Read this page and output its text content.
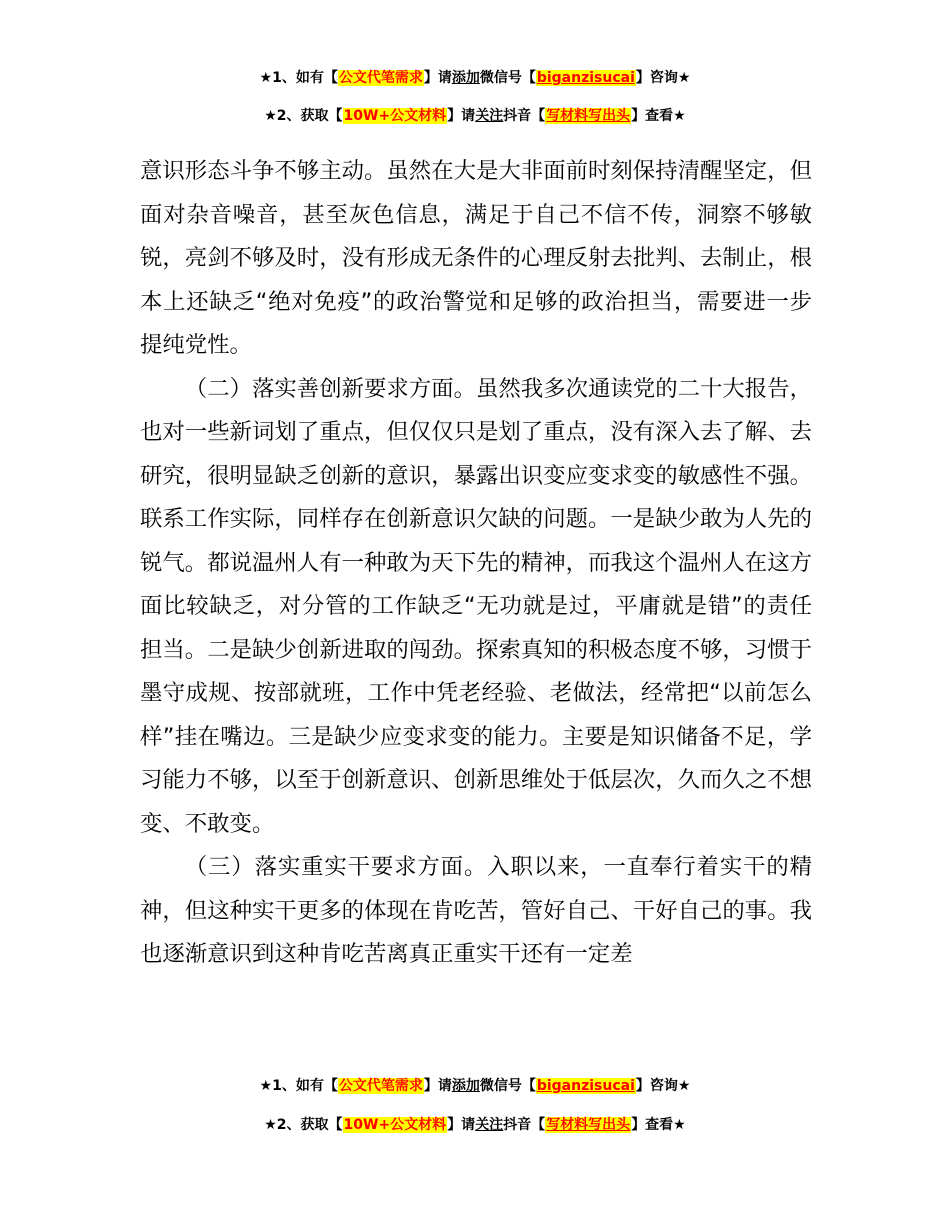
★1、如有【公文代笔需求】请添加微信号【biganzisucai】咨询★
★2、获取【10W+公文材料】请关注抖音【写材料写出头】查看★

意识形态斗争不够主动。虽然在大是大非面前时刻保持清醒坚定，但面对杂音噪音，甚至灰色信息，满足于自己不信不传，洞察不够敏锐，亮剑不够及时，没有形成无条件的心理反射去批判、去制止，根本上还缺乏“绝对免疫”的政治警觉和足够的政治担当，需要进一步提纯党性。

（二）落实善创新要求方面。虽然我多次通读党的二十大报告，也对一些新词划了重点，但仅仅只是划了重点，没有深入去了解、去研究，很明显缺乏创新的意识，暴露出识变应变求变的敏感性不强。联系工作实际，同样存在创新意识欠缺的问题。一是缺少敢为人先的锐气。都说温州人有一种敢为天下先的精神，而我这个温州人在这方面比较缺乏，对分管的工作缺乏“无功就是过，平庸就是错”的责任担当。二是缺少创新进取的闯劲。探索真知的积极态度不够，习惯于墨守成规、按部就班，工作中凭老经验、老做法，经常把“以前怎么样”挂在嘴边。三是缺少应变求变的能力。主要是知识储备不足，学习能力不够，以至于创新意识、创新思维处于低层次，久而久之不想变、不敢变。

（三）落实重实干要求方面。入职以来，一直奉行着实干的精神，但这种实干更多的体现在肯吃苦，管好自己、干好自己的事。我也逐渐意识到这种肯吃苦离真正重实干还有一定差

★1、如有【公文代笔需求】请添加微信号【biganzisucai】咨询★
★2、获取【10W+公文材料】请关注抖音【写材料写出头】查看★
